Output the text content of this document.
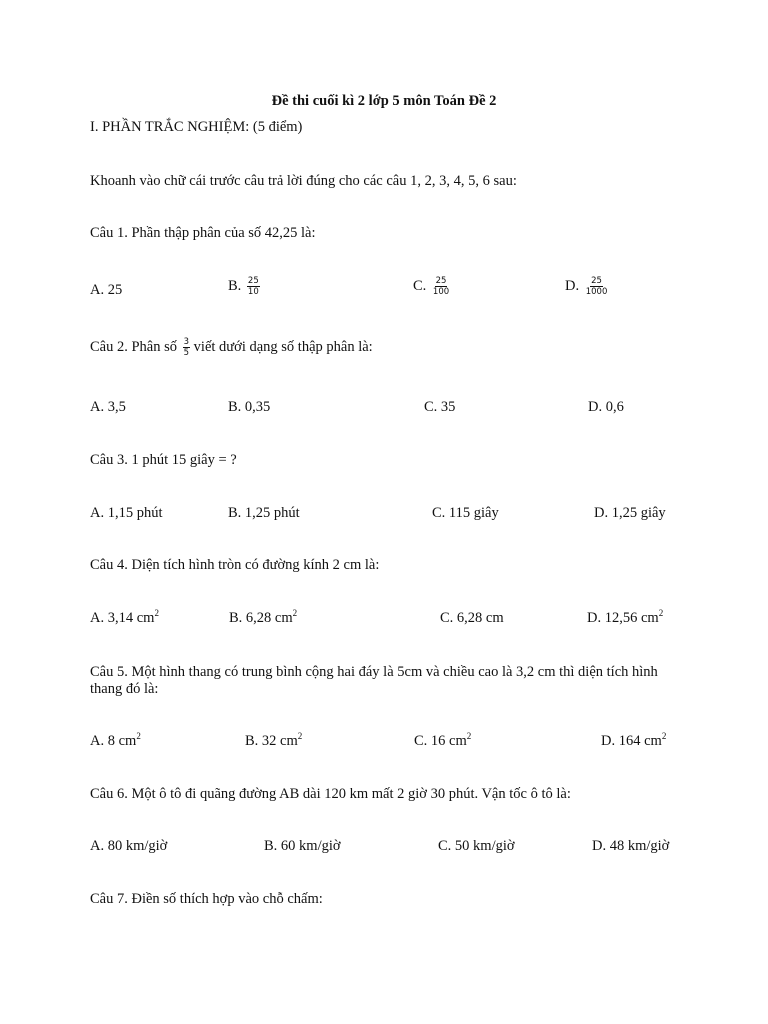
Đề thi cuối kì 2 lớp 5 môn Toán Đề 2
I. PHẦN TRẮC NGHIỆM: (5 điểm)
Khoanh vào chữ cái trước câu trả lời đúng cho các câu 1, 2, 3, 4, 5, 6 sau:
Câu 1. Phần thập phân của số 42,25 là:
A. 25	B. $\frac{25}{10}$	C. $\frac{25}{100}$	D. $\frac{25}{1000}$
Câu 2. Phân số $\frac{3}{5}$ viết dưới dạng số thập phân là:
A. 3,5	B. 0,35	C. 35	D. 0,6
Câu 3. 1 phút 15 giây = ?
A. 1,15 phút	B. 1,25 phút	C. 115 giây	D. 1,25 giây
Câu 4. Diện tích hình tròn có đường kính 2 cm là:
A. 3,14 $cm^2$	B. 6,28 $cm^2$	C. 6,28 cm	D. 12,56 $cm^2$
Câu 5. Một hình thang có trung bình cộng hai đáy là 5cm và chiều cao là 3,2 cm thì diện tích hình thang đó là:
A. 8 $cm^2$	B. 32 $cm^2$	C. 16 $cm^2$	D. 164 $cm^2$
Câu 6. Một ô tô đi quãng đường AB dài 120 km mất 2 giờ 30 phút. Vận tốc ô tô là:
A. 80 km/giờ	B. 60 km/giờ	C. 50 km/giờ	D. 48 km/giờ
Câu 7. Điền số thích hợp vào chỗ chấm:
